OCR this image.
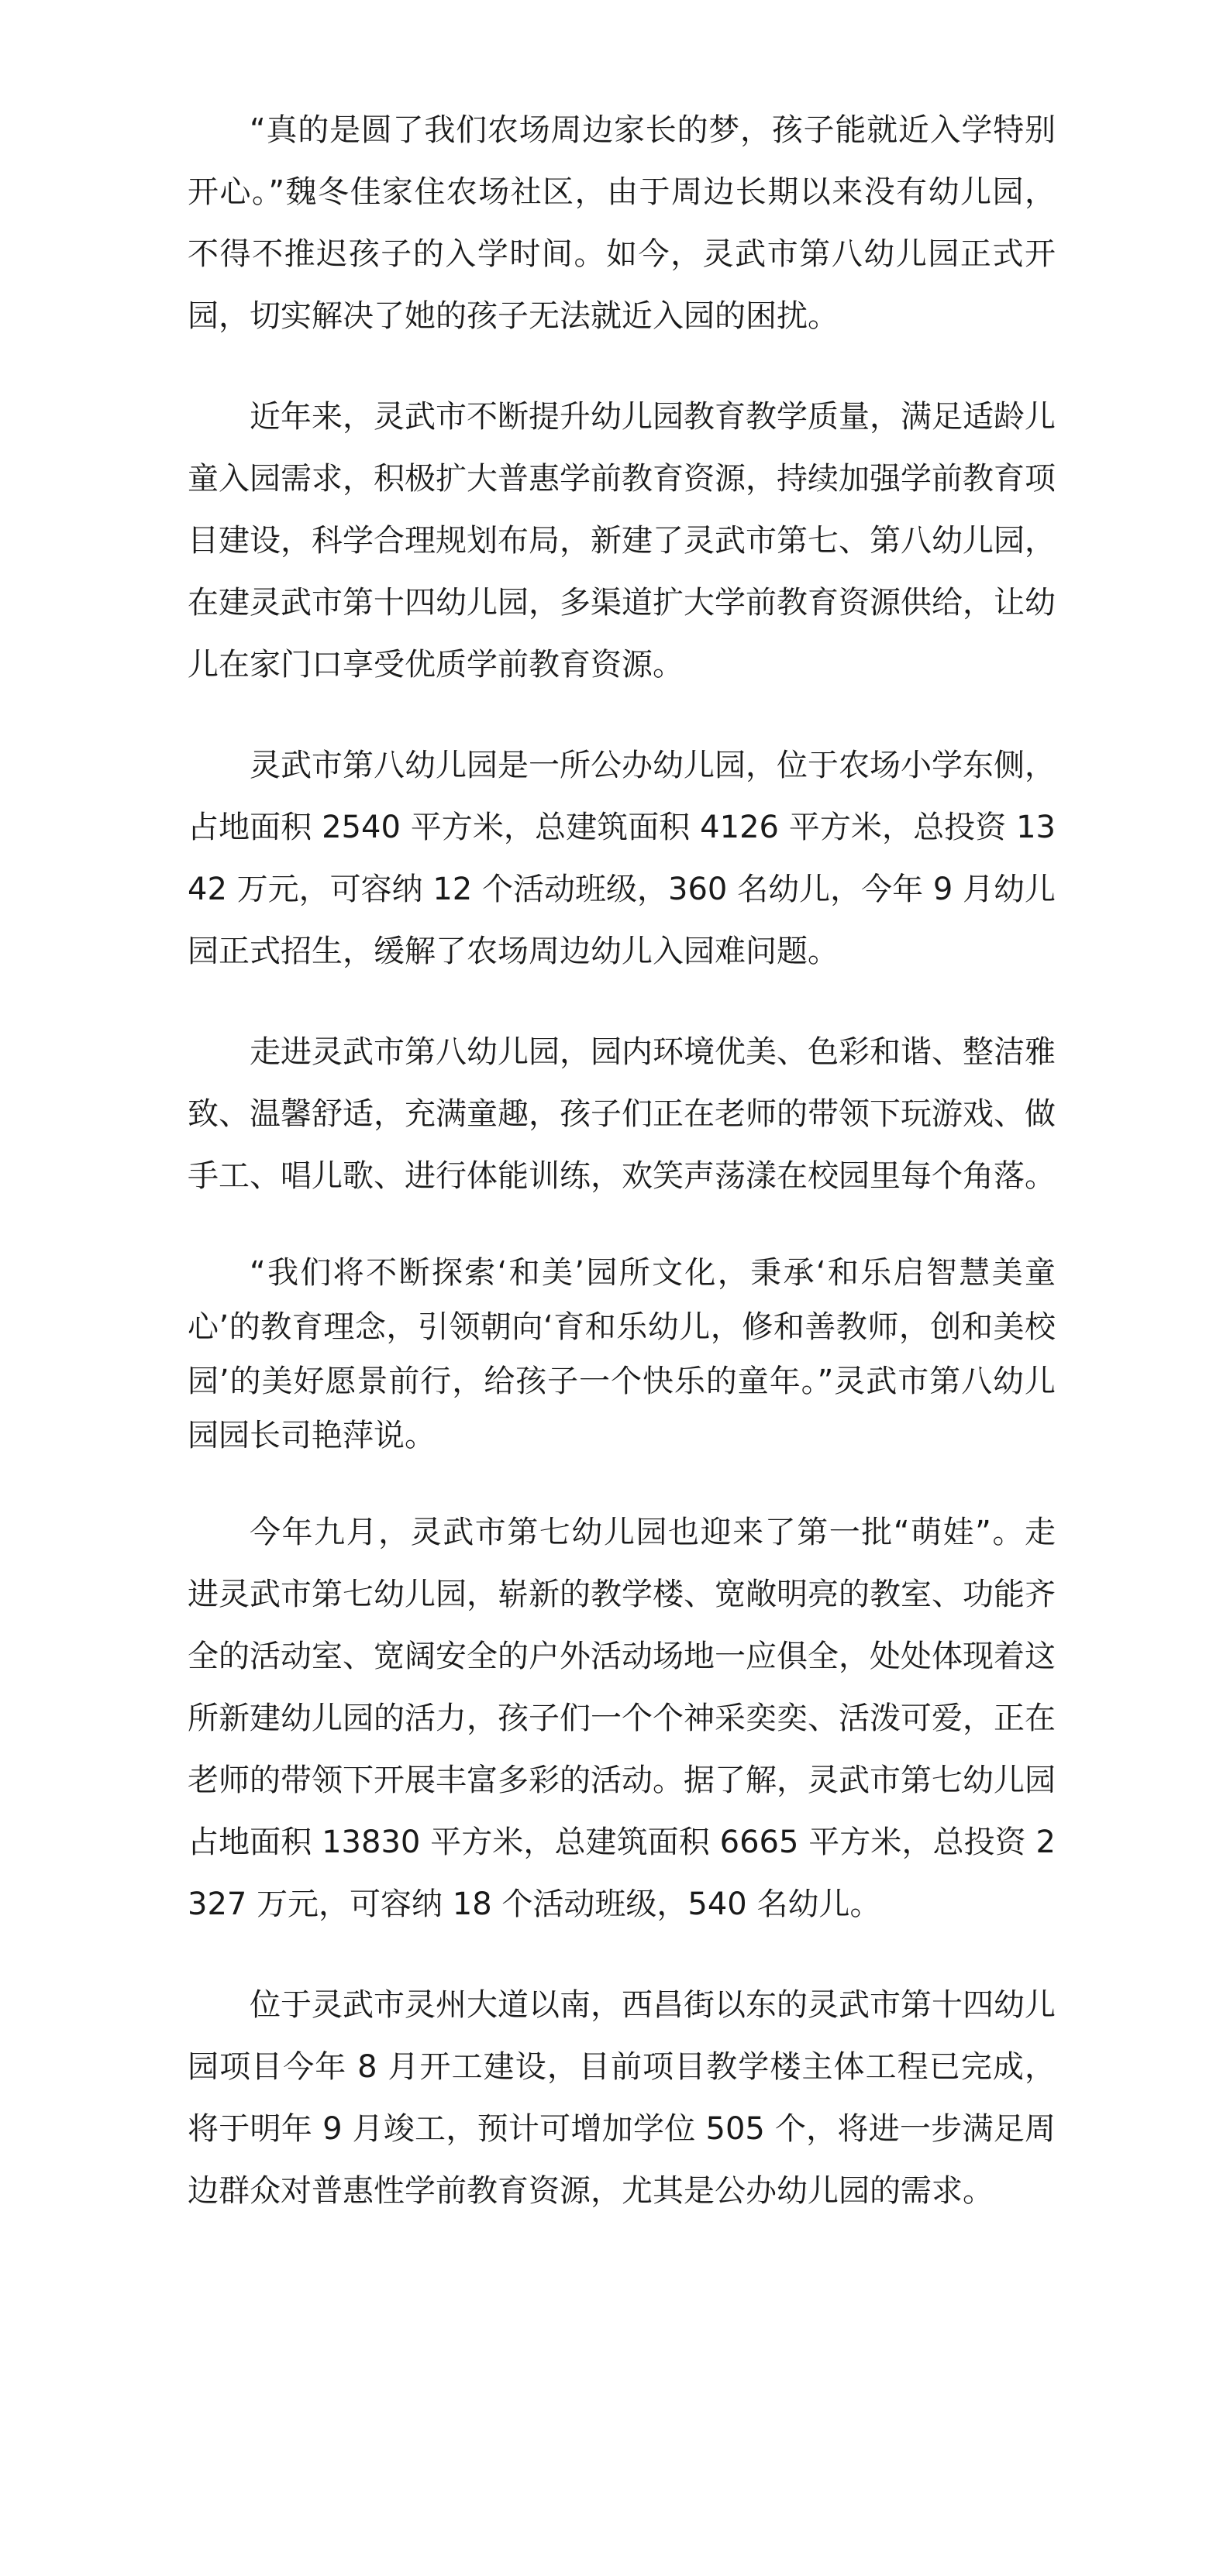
“真的是圆了我们农场周边家长的梦，孩子能就近入学特别开心。”魏冬佳家住农场社区，由于周边长期以来没有幼儿园，不得不推迟孩子的入学时间。如今，灵武市第八幼儿园正式开园，切实解决了她的孩子无法就近入园的困扰。

近年来，灵武市不断提升幼儿园教育教学质量，满足适龄儿童入园需求，积极扩大普惠学前教育资源，持续加强学前教育项目建设，科学合理规划布局，新建了灵武市第七、第八幼儿园，在建灵武市第十四幼儿园，多渠道扩大学前教育资源供给，让幼儿在家门口享受优质学前教育资源。

灵武市第八幼儿园是一所公办幼儿园，位于农场小学东侧，占地面积 2540 平方米，总建筑面积 4126 平方米，总投资 1342 万元，可容纳 12 个活动班级，360 名幼儿，今年 9 月幼儿园正式招生，缓解了农场周边幼儿入园难问题。

走进灵武市第八幼儿园，园内环境优美、色彩和谐、整洁雅致、温馨舒适，充满童趣，孩子们正在老师的带领下玩游戏、做手工、唱儿歌、进行体能训练，欢笑声荡漾在校园里每个角落。

“我们将不断探索‘和美’园所文化，秉承‘和乐启智慧美童心’的教育理念，引领朝向‘育和乐幼儿，修和善教师，创和美校园’的美好愿景前行，给孩子一个快乐的童年。”灵武市第八幼儿园园长司艳萍说。

今年九月，灵武市第七幼儿园也迎来了第一批“萌娃”。走进灵武市第七幼儿园，崭新的教学楼、宽敞明亮的教室、功能齐全的活动室、宽阔安全的户外活动场地一应俱全，处处体现着这所新建幼儿园的活力，孩子们一个个神采奕奕、活泼可爱，正在老师的带领下开展丰富多彩的活动。据了解，灵武市第七幼儿园占地面积 13830 平方米，总建筑面积 6665 平方米，总投资 2327 万元，可容纳 18 个活动班级，540 名幼儿。

位于灵武市灵州大道以南，西昌街以东的灵武市第十四幼儿园项目今年 8 月开工建设，目前项目教学楼主体工程已完成，将于明年 9 月竣工，预计可增加学位 505 个，将进一步满足周边群众对普惠性学前教育资源，尤其是公办幼儿园的需求。
